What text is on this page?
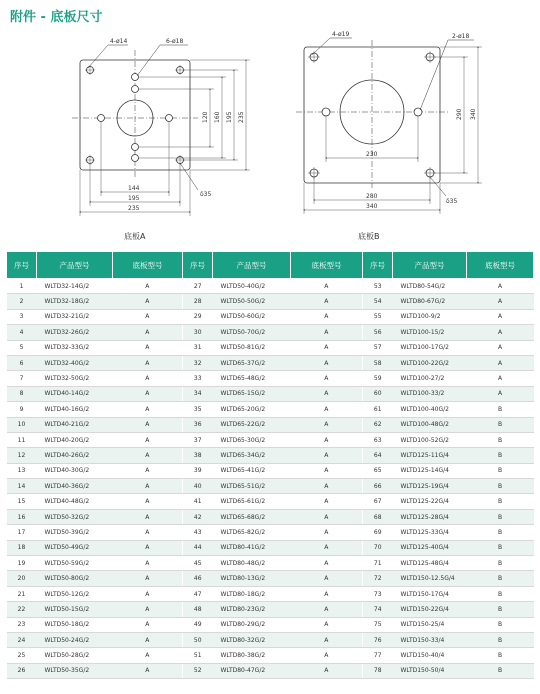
附件 - 底板尺寸
4-ø14	6-ø18
δ35
120 160 195 235
144
195
235
4-ø19	2-ø18
δ35
290 340
230
280
340
底板A	底板B
序号	产品型号	底板型号	序号	产品型号	底板型号	序号	产品型号	底板型号
1	WLTD32-14G/2	A	27	WLTD50-40G/2	A	53	WLTD80-54G/2	A
2	WLTD32-18G/2	A	28	WLTD50-50G/2	A	54	WLTD80-67G/2	A
3	WLTD32-21G/2	A	29	WLTD50-60G/2	A	55	WLTD100-9/2	A
4	WLTD32-26G/2	A	30	WLTD50-70G/2	A	56	WLTD100-15/2	A
5	WLTD32-33G/2	A	31	WLTD50-81G/2	A	57	WLTD100-17G/2	A
6	WLTD32-40G/2	A	32	WLTD65-37G/2	A	58	WLTD100-22G/2	A
7	WLTD32-50G/2	A	33	WLTD65-48G/2	A	59	WLTD100-27/2	A
8	WLTD40-14G/2	A	34	WLTD65-15G/2	A	60	WLTD100-33/2	A
9	WLTD40-16G/2	A	35	WLTD65-20G/2	A	61	WLTD100-40G/2	B
10	WLTD40-21G/2	A	36	WLTD65-22G/2	A	62	WLTD100-48G/2	B
11	WLTD40-20G/2	A	37	WLTD65-30G/2	A	63	WLTD100-52G/2	B
12	WLTD40-26G/2	A	38	WLTD65-34G/2	A	64	WLTD125-11G/4	B
13	WLTD40-30G/2	A	39	WLTD65-41G/2	A	65	WLTD125-14G/4	B
14	WLTD40-36G/2	A	40	WLTD65-51G/2	A	66	WLTD125-19G/4	B
15	WLTD40-48G/2	A	41	WLTD65-61G/2	A	67	WLTD125-22G/4	B
16	WLTD50-32G/2	A	42	WLTD65-68G/2	A	68	WLTD125-28G/4	B
17	WLTD50-39G/2	A	43	WLTD65-82G/2	A	69	WLTD125-33G/4	B
18	WLTD50-49G/2	A	44	WLTD80-41G/2	A	70	WLTD125-40G/4	B
19	WLTD50-59G/2	A	45	WLTD80-48G/2	A	71	WLTD125-48G/4	B
20	WLTD50-80G/2	A	46	WLTD80-13G/2	A	72	WLTD150-12.5G/4	B
21	WLTD50-12G/2	A	47	WLTD80-18G/2	A	73	WLTD150-17G/4	B
22	WLTD50-15G/2	A	48	WLTD80-23G/2	A	74	WLTD150-22G/4	B
23	WLTD50-18G/2	A	49	WLTD80-29G/2	A	75	WLTD150-25/4	B
24	WLTD50-24G/2	A	50	WLTD80-32G/2	A	76	WLTD150-33/4	B
25	WLTD50-28G/2	A	51	WLTD80-38G/2	A	77	WLTD150-40/4	B
26	WLTD50-35G/2	A	52	WLTD80-47G/2	A	78	WLTD150-50/4	B
